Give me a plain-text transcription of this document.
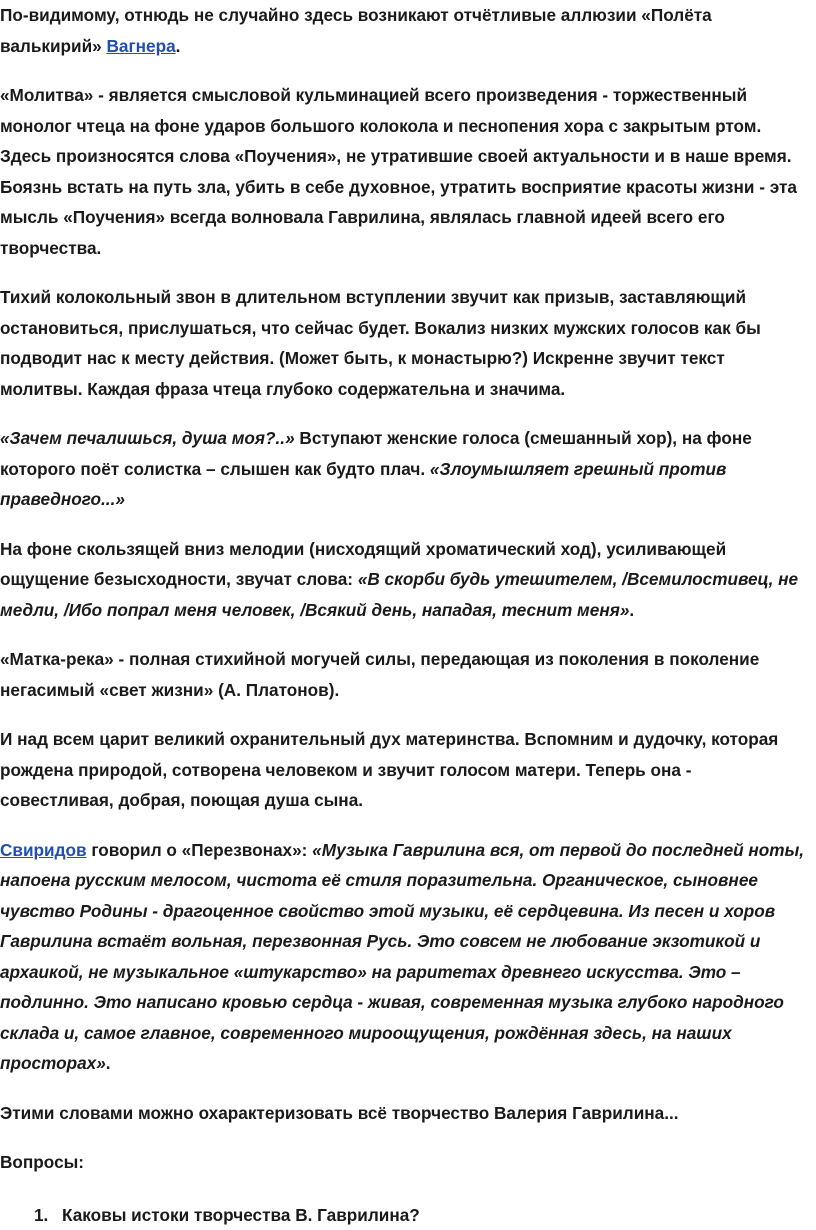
По-видимому, отнюдь не случайно здесь возникают отчётливые аллюзии «Полёта валькирий» Вагнера.

«Молитва» - является смысловой кульминацией всего произведения - торжественный монолог чтеца на фоне ударов большого колокола и песнопения хора с закрытым ртом. Здесь произносятся слова «Поучения», не утратившие своей актуальности и в наше время. Боязнь встать на путь зла, убить в себе духовное, утратить восприятие красоты жизни - эта мысль «Поучения» всегда волновала Гаврилина, являлась главной идеей всего его творчества.

Тихий колокольный звон в длительном вступлении звучит как призыв, заставляющий остановиться, прислушаться, что сейчас будет. Вокализ низких мужских голосов как бы подводит нас к месту действия. (Может быть, к монастырю?) Искренне звучит текст молитвы. Каждая фраза чтеца глубоко содержательна и значима.

«Зачем печалишься, душа моя?..» Вступают женские голоса (смешанный хор), на фоне которого поёт солистка – слышен как будто плач. «Злоумышляет грешный против праведного...»

На фоне скользящей вниз мелодии (нисходящий хроматический ход), усиливающей ощущение безысходности, звучат слова: «В скорби будь утешителем, /Всемилостивец, не медли, /Ибо попрал меня человек, /Всякий день, нападая, теснит меня».

«Матка-река» - полная стихийной могучей силы, передающая из поколения в поколение негасимый «свет жизни» (А. Платонов).

И над всем царит великий охранительный дух материнства. Вспомним и дудочку, которая рождена природой, сотворена человеком и звучит голосом матери. Теперь она - совестливая, добрая, поющая душа сына.

Свиридов говорил о «Перезвонах»: «Музыка Гаврилина вся, от первой до последней ноты, напоена русским мелосом, чистота её стиля поразительна. Органическое, сыновнее чувство Родины - драгоценное свойство этой музыки, её сердцевина. Из песен и хоров Гаврилина встаёт вольная, перезвонная Русь. Это совсем не любование экзотикой и архаикой, не музыкальное «штукарство» на раритетах древнего искусства. Это – подлинно. Это написано кровью сердца - живая, современная музыка глубоко народного склада и, самое главное, современного мироощущения, рождённая здесь, на наших просторах».

Этими словами можно охарактеризовать всё творчество Валерия Гаврилина...

Вопросы:

1. Каковы истоки творчества В. Гаврилина?
